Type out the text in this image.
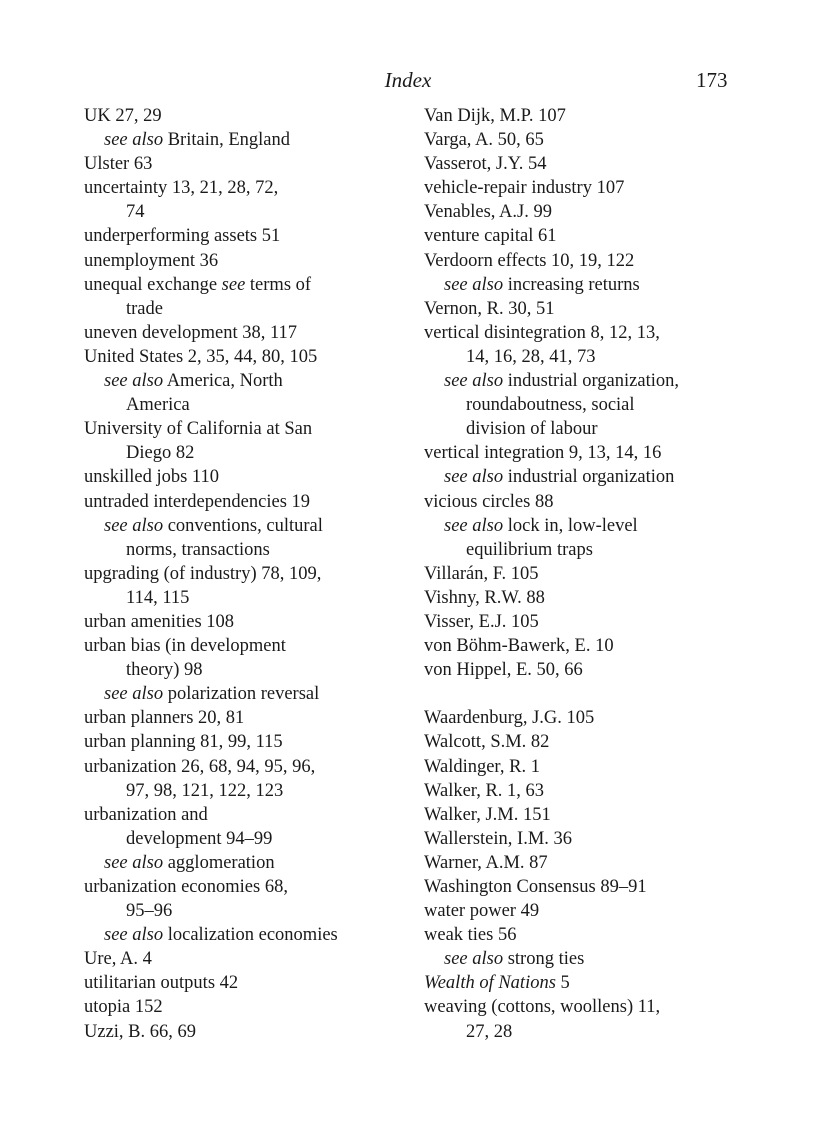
Index	173
UK 27, 29
see also Britain, England
Ulster 63
uncertainty 13, 21, 28, 72,
74
underperforming assets 51
unemployment 36
unequal exchange see terms of
trade
uneven development 38, 117
United States 2, 35, 44, 80, 105
see also America, North
America
University of California at San
Diego 82
unskilled jobs 110
untraded interdependencies 19
see also conventions, cultural
norms, transactions
upgrading (of industry) 78, 109,
114, 115
urban amenities 108
urban bias (in development
theory) 98
see also polarization reversal
urban planners 20, 81
urban planning 81, 99, 115
urbanization 26, 68, 94, 95, 96,
97, 98, 121, 122, 123
urbanization and
development 94–99
see also agglomeration
urbanization economies 68,
95–96
see also localization economies
Ure, A. 4
utilitarian outputs 42
utopia 152
Uzzi, B. 66, 69
Van Dijk, M.P. 107
Varga, A. 50, 65
Vasserot, J.Y. 54
vehicle-repair industry 107
Venables, A.J. 99
venture capital 61
Verdoorn effects 10, 19, 122
see also increasing returns
Vernon, R. 30, 51
vertical disintegration 8, 12, 13,
14, 16, 28, 41, 73
see also industrial organization,
roundaboutness, social
division of labour
vertical integration 9, 13, 14, 16
see also industrial organization
vicious circles 88
see also lock in, low-level
equilibrium traps
Villarán, F. 105
Vishny, R.W. 88
Visser, E.J. 105
von Böhm-Bawerk, E. 10
von Hippel, E. 50, 66
Waardenburg, J.G. 105
Walcott, S.M. 82
Waldinger, R. 1
Walker, R. 1, 63
Walker, J.M. 151
Wallerstein, I.M. 36
Warner, A.M. 87
Washington Consensus 89–91
water power 49
weak ties 56
see also strong ties
Wealth of Nations 5
weaving (cottons, woollens) 11,
27, 28
